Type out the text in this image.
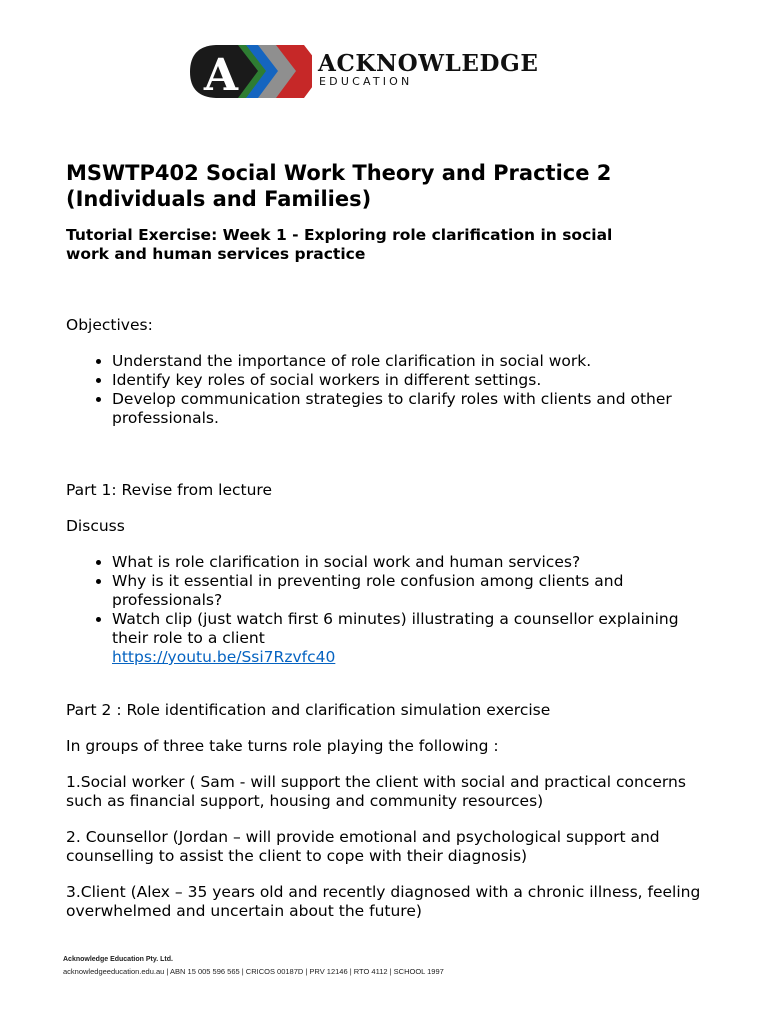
A	ACKNOWLEDGE
EDUCATION
MSWTP402 Social Work Theory and Practice 2
(Individuals and Families)
Tutorial Exercise: Week 1 - Exploring role clarification in social
work and human services practice

Objectives:

• Understand the importance of role clarification in social work.
• Identify key roles of social workers in different settings.
• Develop communication strategies to clarify roles with clients and other professionals.

Part 1: Revise from lecture

Discuss

• What is role clarification in social work and human services?
• Why is it essential in preventing role confusion among clients and professionals?
• Watch clip (just watch first 6 minutes) illustrating a counsellor explaining their role to a client
https://youtu.be/Ssi7Rzvfc40

Part 2 : Role identification and clarification simulation exercise

In groups of three take turns role playing the following :

1.Social worker ( Sam - will support the client with social and practical concerns such as financial support, housing and community resources)

2. Counsellor (Jordan – will provide emotional and psychological support and counselling to assist the client to cope with their diagnosis)

3.Client (Alex – 35 years old and recently diagnosed with a chronic illness, feeling overwhelmed and uncertain about the future)

Acknowledge Education Pty. Ltd.
acknowledgeeducation.edu.au | ABN 15 005 596 565 | CRICOS 00187D | PRV 12146 | RTO 4112 | SCHOOL 1997
